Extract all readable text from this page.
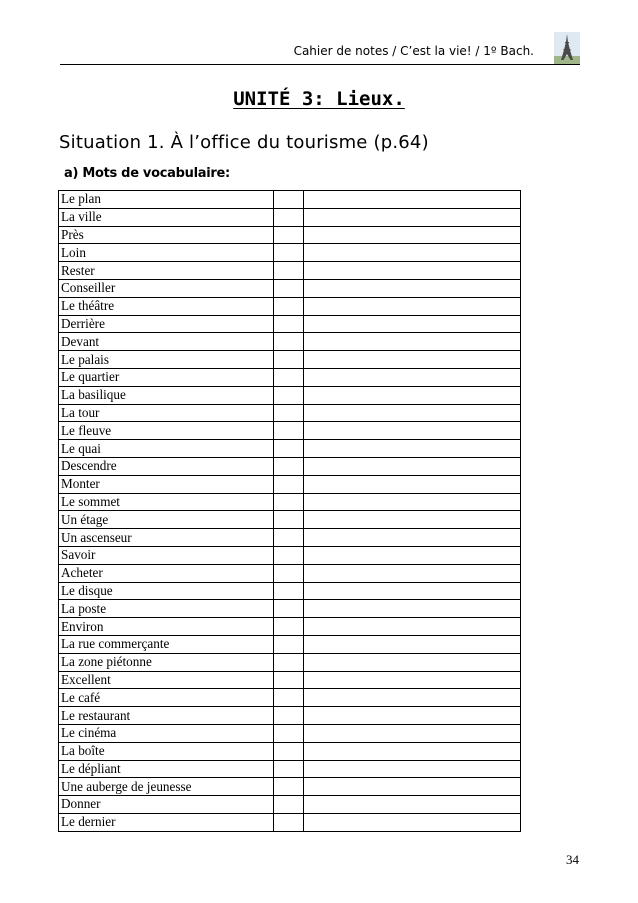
Cahier de notes / C’est la vie! / 1º Bach.
UNITÉ 3: Lieux.
Situation 1. À l’office du tourisme (p.64)
a) Mots de vocabulaire:
Le plan		
La ville		
Près		
Loin		
Rester		
Conseiller		
Le théâtre		
Derrière		
Devant		
Le palais		
Le quartier		
La basilique		
La tour		
Le fleuve		
Le quai		
Descendre		
Monter		
Le sommet		
Un étage		
Un ascenseur		
Savoir		
Acheter		
Le disque		
La poste		
Environ		
La rue commerçante		
La zone piétonne		
Excellent		
Le café		
Le restaurant		
Le cinéma		
La boîte		
Le dépliant		
Une auberge de jeunesse		
Donner		
Le dernier		
34
